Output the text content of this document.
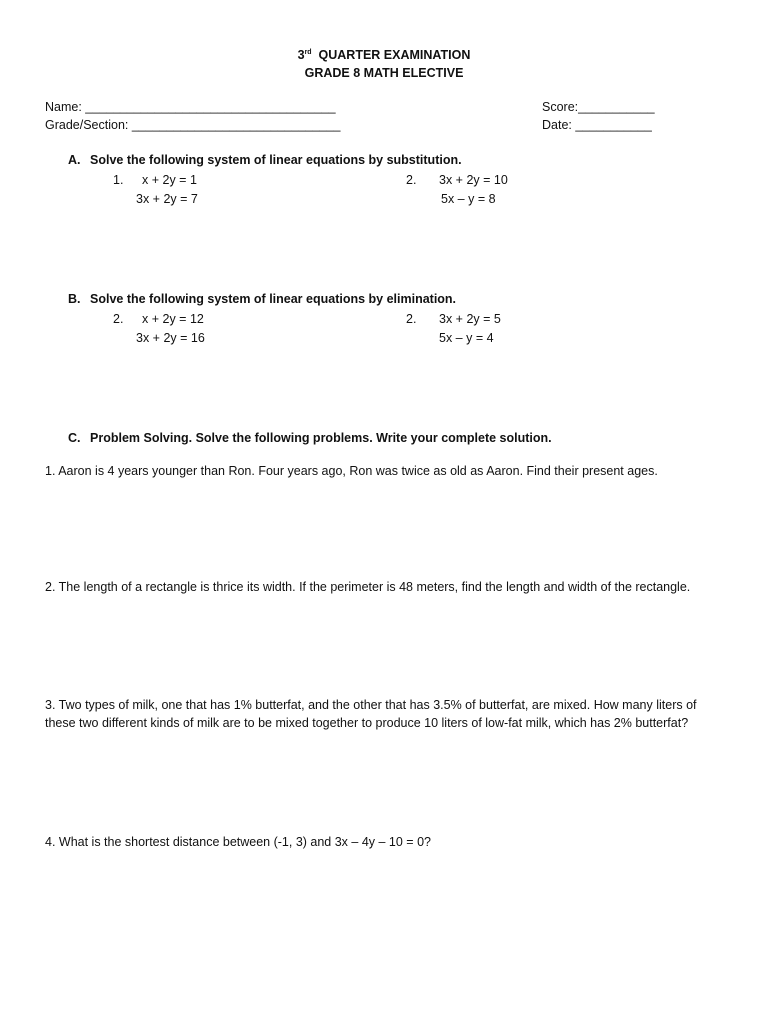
3rd QUARTER EXAMINATION
GRADE 8 MATH ELECTIVE
Name: ____________________________________
Grade/Section: ______________________________
Score:___________
Date: ___________
A. Solve the following system of linear equations by substitution.
1. x + 2y = 1
3x + 2y = 7
2. 3x + 2y = 10
5x – y = 8
B. Solve the following system of linear equations by elimination.
2. x + 2y = 12
3x + 2y = 16
2. 3x + 2y = 5
5x – y = 4
C. Problem Solving. Solve the following problems. Write your complete solution.
1. Aaron is 4 years younger than Ron. Four years ago, Ron was twice as old as Aaron. Find their present ages.
2. The length of a rectangle is thrice its width. If the perimeter is 48 meters, find the length and width of the rectangle.
3. Two types of milk, one that has 1% butterfat, and the other that has 3.5% of butterfat, are mixed. How many liters of these two different kinds of milk are to be mixed together to produce 10 liters of low-fat milk, which has 2% butterfat?
4. What is the shortest distance between (-1, 3) and 3x – 4y – 10 = 0?
